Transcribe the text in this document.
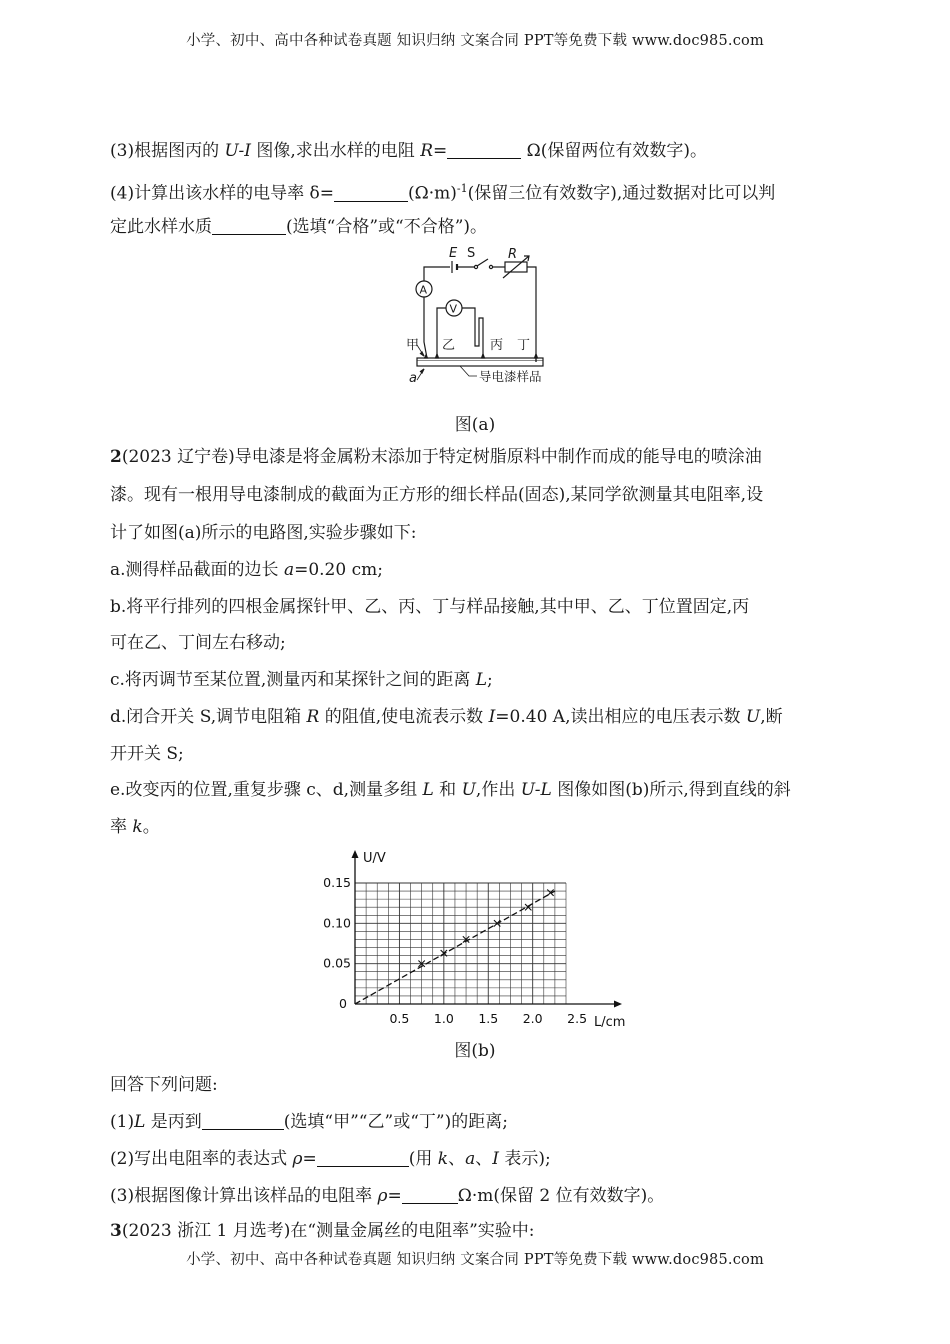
小学、初中、高中各种试卷真题 知识归纳 文案合同 PPT等免费下载 www.doc985.com
(3)根据图丙的 U-I 图像,求出水样的电阻 R=	Ω(保留两位有效数字)。
(4)计算出该水样的电导率 δ=	$(\Omega\cdot m)^{-1}$(保留三位有效数字),通过数据对比可以判
定此水样水质	(选填“合格”或“不合格”)。
E S	R
A
V
甲 乙	丙 丁
a	导电漆样品
图(a)
2(2023 辽宁卷)导电漆是将金属粉末添加于特定树脂原料中制作而成的能导电的喷涂油
漆。现有一根用导电漆制成的截面为正方形的细长样品(固态),某同学欲测量其电阻率,设
计了如图(a)所示的电路图,实验步骤如下:
a.测得样品截面的边长 a=0.20 cm;
b.将平行排列的四根金属探针甲、乙、丙、丁与样品接触,其中甲、乙、丁位置固定,丙
可在乙、丁间左右移动;
c.将丙调节至某位置,测量丙和某探针之间的距离 L;
d.闭合开关 S,调节电阻箱 R 的阻值,使电流表示数 I=0.40 A,读出相应的电压表示数 U,断
开开关 S;
e.改变丙的位置,重复步骤 c、d,测量多组 L 和 U,作出 U-L 图像如图(b)所示,得到直线的斜
率 k。
0.5 1.0 1.5 2.0 2.5
0.15
0.10
0.05
0
L/cm
U/V
图(b)
回答下列问题:
(1)L 是丙到	(选填“甲”“乙”或“丁”)的距离;
(2)写出电阻率的表达式 ρ=	(用 k、a、I 表示);
(3)根据图像计算出该样品的电阻率 ρ=	Ω·m(保留 2 位有效数字)。
3(2023 浙江 1 月选考)在“测量金属丝的电阻率”实验中:
小学、初中、高中各种试卷真题 知识归纳 文案合同 PPT等免费下载 www.doc985.com
